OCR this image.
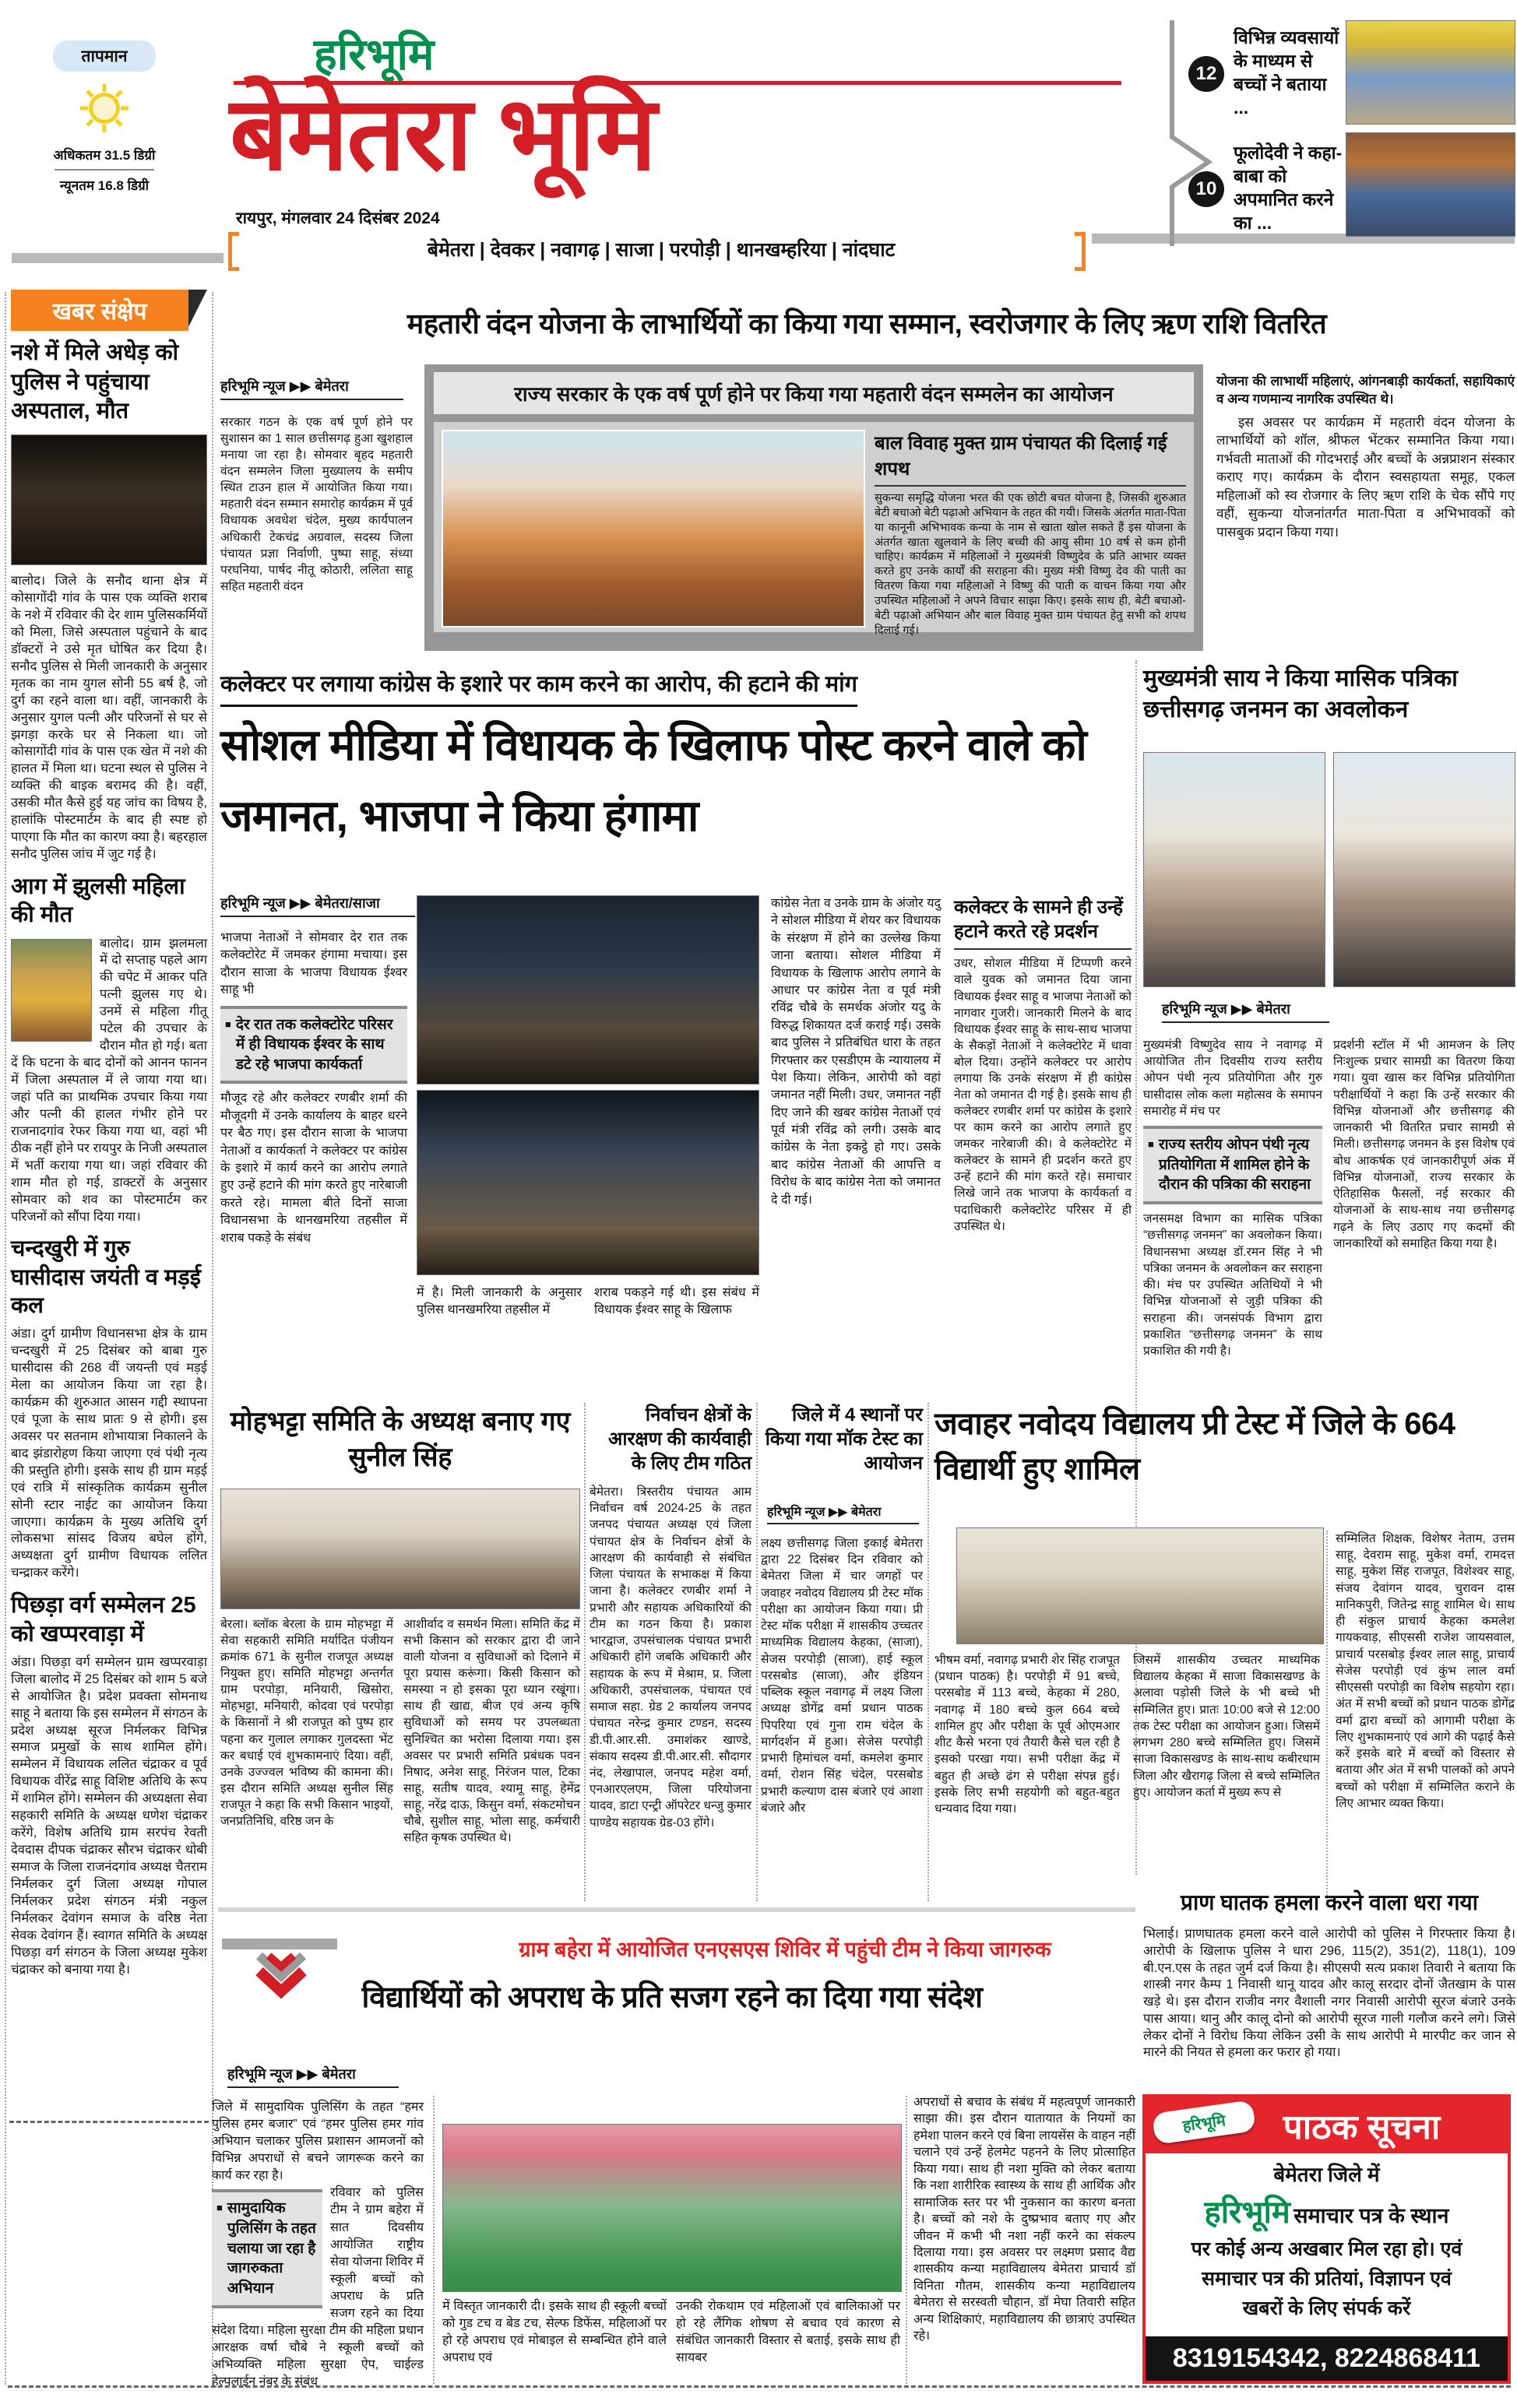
तापमान
अधिकतम 31.5 डिग्री
न्यूनतम 16.8 डिग्री
हरिभूमि
बेमेतरा भूमि
रायपुर, मंगलवार 24 दिसंबर 2024
बेमेतरा | देवकर | नवागढ़ | साजा | परपोड़ी | थानखम्हरिया | नांदघाट
12
विभिन्न व्यवसायों के माध्यम से बच्चों ने बताया ...
10
फूलोदेवी ने कहा- बाबा को अपमानित करने का ...
खबर संक्षेप
नशे में मिले अधेड़ को पुलिस ने पहुंचाया अस्पताल, मौत
बालोद। जिले के सनौद थाना क्षेत्र में कोसागोंदी गांव के पास एक व्यक्ति शराब के नशे में रविवार की देर शाम पुलिसकर्मियों को मिला, जिसे अस्पताल पहुंचाने के बाद डॉक्टरों ने उसे मृत घोषित कर दिया है। सनौद पुलिस से मिली जानकारी के अनुसार मृतक का नाम युगल सोनी 55 बर्ष है, जो दुर्ग का रहने वाला था। वहीं, जानकारी के अनुसार युगल पत्नी और परिजनों से घर से झगड़ा करके घर से निकला था। जो कोसागोंदी गांव के पास एक खेत में नशे की हालत में मिला था। घटना स्थल से पुलिस ने व्यक्ति की बाइक बरामद की है। वहीं, उसकी मौत कैसे हुई यह जांच का विषय है, हालांकि पोस्टमार्टम के बाद ही स्पष्ट हो पाएगा कि मौत का कारण क्या है। बहरहाल सनौद पुलिस जांच में जुट गई है।
आग में झुलसी महिला की मौत
बालोद। ग्राम झलमला में दो सप्ताह पहले आग की चपेट में आकर पति पत्नी झुलस गए थे। उनमें से महिला गीतू पटेल की उपचार के दौरान मौत हो गई। बता दें कि घटना के बाद दोनों को आनन फानन में जिला अस्पताल में ले जाया गया था। जहां पति का प्राथमिक उपचार किया गया और पत्नी की हालत गंभीर होने पर राजनादगांव रेफर किया गया था, वहां भी ठीक नहीं होने पर रायपुर के निजी अस्पताल में भर्ती कराया गया था। जहां रविवार की शाम मौत हो गई, डाक्टरों के अनुसार सोमवार को शव का पोस्टमार्टम कर परिजनों को सौंपा दिया गया।
चन्दखुरी में गुरु घासीदास जयंती व मड़ई कल
अंडा। दुर्ग ग्रामीण विधानसभा क्षेत्र के ग्राम चन्दखुरी में 25 दिसंबर को बाबा गुरु घासीदास की 268 वीं जयन्ती एवं मड़ई मेला का आयोजन किया जा रहा है। कार्यक्रम की शुरुआत आसन गद्दी स्थापना एवं पूजा के साथ प्रातः 9 से होगी। इस अवसर पर सतनाम शोभायात्रा निकालने के बाद झंडारोहण किया जाएगा एवं पंथी नृत्य की प्रस्तुति होगी। इसके साथ ही ग्राम मड़ई एवं रात्रि में सांस्कृतिक कार्यक्रम सुनील सोनी स्टार नाईट का आयोजन किया जाएगा। कार्यक्रम के मुख्य अतिथि दुर्ग लोकसभा सांसद विजय बघेल होंगे, अध्यक्षता दुर्ग ग्रामीण विधायक ललित चन्द्राकर करेंगे।
पिछड़ा वर्ग सम्मेलन 25 को खप्परवाड़ा में
अंडा। पिछड़ा वर्ग सम्मेलन ग्राम खप्परवाड़ा जिला बालोद में 25 दिसंबर को शाम 5 बजे से आयोजित है। प्रदेश प्रवक्ता सोमनाथ साहू ने बताया कि इस सम्मेलन में संगठन के प्रदेश अध्यक्ष सूरज निर्मलकर विभिन्न समाज प्रमुखों के साथ शामिल होंगे। सम्मेलन में विधायक ललित चंद्राकर व पूर्व विधायक वीरेंद्र साहू विशिष्ट अतिथि के रूप में शामिल होंगे। सम्मेलन की अध्यक्षता सेवा सहकारी समिति के अध्यक्ष धणेश चंद्राकर करेंगे, विशेष अतिथि ग्राम सरपंच रेवती देवदास दीपक चंद्राकर सौरभ चंद्राकर धोबी समाज के जिला राजनंदगांव अध्यक्ष चैतराम निर्मलकर दुर्ग जिला अध्यक्ष गोपाल निर्मलकर प्रदेश संगठन मंत्री नकुल निर्मलकर देवांगन समाज के वरिष्ठ नेता सेवक देवांगन हैं। स्वागत समिति के अध्यक्ष पिछड़ा वर्ग संगठन के जिला अध्यक्ष मुकेश चंद्राकर को बनाया गया है।
महतारी वंदन योजना के लाभार्थियों का किया गया सम्मान, स्वरोजगार के लिए ऋण राशि वितरित
हरिभूमि न्यूज ▶▶ बेमेतरा
सरकार गठन के एक वर्ष पूर्ण होने पर सुशासन का 1 साल छत्तीसगढ़ हुआ खुशहाल मनाया जा रहा है। सोमवार बृहद महतारी वंदन सम्मलेन जिला मुख्यालय के समीप स्थित टाउन हाल में आयोजित किया गया। महतारी वंदन सम्मान समारोह कार्यक्रम में पूर्व विधायक अवधेश चंदेल, मुख्य कार्यपालन अधिकारी टेकचंद्र अग्रवाल, सदस्य जिला पंचायत प्रज्ञा निर्वाणी, पुष्पा साहू, संध्या परघनिया, पार्षद नीतू कोठारी, ललिता साहू सहित महतारी वंदन
राज्य सरकार के एक वर्ष पूर्ण होने पर किया गया महतारी वंदन सम्मलेन का आयोजन
बाल विवाह मुक्त ग्राम पंचायत की दिलाई गई शपथ
सुकन्या समृद्धि योजना भरत की एक छोटी बचत योजना है, जिसकी शुरुआत बेटी बचाओ बेटी पढ़ाओ अभियान के तहत की गयी। जिसके अंतर्गत माता-पिता या कानूनी अभिभावक कन्या के नाम से खाता खोल सकते हैं इस योजना के अंतर्गत खाता खुलवाने के लिए बच्ची की आयु सीमा 10 वर्ष से कम होनी चाहिए। कार्यक्रम में महिलाओं ने मुख्यमंत्री विष्णुदेव के प्रति आभार व्यक्त करते हुए उनके कार्यों की सराहना की। मुख्य मंत्री विष्णु देव की पाती का वितरण किया गया महिलाओं ने विष्णु की पाती क वाचन किया गया और उपस्थित महिलाओं ने अपने विचार साझा किए। इसके साथ ही, बेटी बचाओ-बेटी पढ़ाओ अभियान और बाल विवाह मुक्त ग्राम पंचायत हेतु सभी को शपथ दिलाई गई।
योजना की लाभार्थी महिलाएं, आंगनबाड़ी कार्यकर्ता, सहायिकाएं व अन्य गणमान्य नागरिक उपस्थित थे।
इस अवसर पर कार्यक्रम में महतारी वंदन योजना के लाभार्थियों को शॉल, श्रीफल भेंटकर सम्मानित किया गया। गर्भवती माताओं की गोदभराई और बच्चों के अन्नप्राशन संस्कार कराए गए। कार्यक्रम के दौरान स्वसहायता समूह, एकल महिलाओं को स्व रोजगार के लिए ऋण राशि के चेक सौंपे गए वहीं, सुकन्या योजनांतर्गत माता-पिता व अभिभावकों को पासबुक प्रदान किया गया।
कलेक्टर पर लगाया कांग्रेस के इशारे पर काम करने का आरोप, की हटाने की मांग
सोशल मीडिया में विधायक के खिलाफ पोस्ट करने वाले को जमानत, भाजपा ने किया हंगामा
हरिभूमि न्यूज ▶▶ बेमेतरा/साजा
भाजपा नेताओं ने सोमवार देर रात तक कलेक्टोरेट में जमकर हंगामा मचाया। इस दौरान साजा के भाजपा विधायक ईश्वर साहू भी
■ देर रात तक कलेक्टोरेट परिसर में ही विधायक ईश्वर के साथ डटे रहे भाजपा कार्यकर्ता
मौजूद रहे और कलेक्टर रणबीर शर्मा की मौजूदगी में उनके कार्यालय के बाहर धरने पर बैठ गए। इस दौरान साजा के भाजपा नेताओं व कार्यकर्ता ने कलेक्टर पर कांग्रेस के इशारे में कार्य करने का आरोप लगाते हुए उन्हें हटाने की मांग करते हुए नारेबाजी करते रहे। मामला बीते दिनों साजा विधानसभा के थानखमरिया तहसील में शराब पकड़े के संबंध
में है। मिली जानकारी के अनुसार पुलिस थानखमरिया तहसील में
शराब पकड़ने गई थी। इस संबंध में विधायक ईश्वर साहू के खिलाफ
कांग्रेस नेता व उनके ग्राम के अंजोर यदु ने सोशल मीडिया में शेयर कर विधायक के संरक्षण में होने का उल्लेख किया जाना बताया। सोशल मीडिया में विधायक के खिलाफ आरोप लगाने के आधार पर कांग्रेस नेता व पूर्व मंत्री रविंद्र चौबे के समर्थक अंजोर यदु के विरुद्ध शिकायत दर्ज कराई गई। उसके बाद पुलिस ने प्रतिबंधित धारा के तहत गिरफ्तार कर एसडीएम के न्यायालय में पेश किया। लेकिन, आरोपी को वहां जमानत नहीं मिली। उधर, जमानत नहीं दिए जाने की खबर कांग्रेस नेताओं एवं पूर्व मंत्री रविंद्र को लगी। उसके बाद कांग्रेस के नेता इकट्ठे हो गए। उसके बाद कांग्रेस नेताओं की आपत्ति व विरोध के बाद कांग्रेस नेता को जमानत दे दी गई।
कलेक्टर के सामने ही उन्हें हटाने करते रहे प्रदर्शन
उधर, सोशल मीडिया में टिप्पणी करने वाले युवक को जमानत दिया जाना विधायक ईश्वर साहू व भाजपा नेताओं को नागवार गुजरी। जानकारी मिलने के बाद विधायक ईश्वर साहू के साथ-साथ भाजपा के सैकड़ों नेताओं ने कलेक्टोरेट में धावा बोल दिया। उन्होंने कलेक्टर पर आरोप लगाया कि उनके संरक्षण में ही कांग्रेस नेता को जमानत दी गई है। इसके साथ ही कलेक्टर रणबीर शर्मा पर कांग्रेस के इशारे पर काम करने का आरोप लगाते हुए जमकर नारेबाजी की। वे कलेक्टोरेट में कलेक्टर के सामने ही प्रदर्शन करते हुए उन्हें हटाने की मांग करते रहे। समाचार लिखे जाने तक भाजपा के कार्यकर्ता व पदाधिकारी कलेक्टोरेट परिसर में ही उपस्थित थे।
मुख्यमंत्री साय ने किया मासिक पत्रिका छत्तीसगढ़ जनमन का अवलोकन
हरिभूमि न्यूज ▶▶ बेमेतरा
मुख्यमंत्री विष्णुदेव साय ने नवागढ़ में आयोजित तीन दिवसीय राज्य स्तरीय ओपन पंथी नृत्य प्रतियोगिता और गुरु घासीदास लोक कला महोत्सव के समापन समारोह में मंच पर
■ राज्य स्तरीय ओपन पंथी नृत्य प्रतियोगिता में शामिल होने के दौरान की पत्रिका की सराहना
जनसमक्ष विभाग का मासिक पत्रिका “छत्तीसगढ़ जनमन” का अवलोकन किया। विधानसभा अध्यक्ष डॉ.रमन सिंह ने भी पत्रिका जनमन के अवलोकन कर सराहना की। मंच पर उपस्थित अतिथियों ने भी विभिन्न योजनाओं से जुड़ी पत्रिका की सराहना की। जनसंपर्क विभाग द्वारा प्रकाशित “छत्तीसगढ़ जनमन” के साथ प्रकाशित की गयी है।
प्रदर्शनी स्टॉल में भी आमजन के लिए निःशुल्क प्रचार सामग्री का वितरण किया गया। युवा खास कर विभिन्न प्रतियोगिता परीक्षार्थियों ने कहा कि उन्हें सरकार की विभिन्न योजनाओं और छत्तीसगढ़ की जानकारी भी वितरित प्रचार सामग्री से मिली। छत्तीसगढ़ जनमन के इस विशेष एवं बोध आकर्षक एवं जानकारीपूर्ण अंक में विभिन्न योजनाओं, राज्य सरकार के ऐतिहासिक फैसलों, नई सरकार की योजनाओं के साथ-साथ नया छत्तीसगढ़ गढ़ने के लिए उठाए गए कदमों की जानकारियों को समाहित किया गया है।
मोहभट्टा समिति के अध्यक्ष बनाए गए सुनील सिंह
बेरला। ब्लॉक बेरला के ग्राम मोहभट्टा में सेवा सहकारी समिति मर्यादित पंजीयन क्रमांक 671 के सुनील राजपूत अध्यक्ष नियुक्त हुए। समिति मोहभट्टा अन्तर्गत ग्राम परपोड़ा, मनियारी, खिसोरा, मोहभट्टा, मनियारी, कोदवा एवं परपोड़ा के किसानों ने श्री राजपूत को पुष्प हार पहना कर गुलाल लगाकर गुलदस्ता भेंट कर बधाई एवं शुभकामनाएं दिया। वहीं, उनके उज्ज्वल भविष्य की कामना की। इस दौरान समिति अध्यक्ष सुनील सिंह राजपूत ने कहा कि सभी किसान भाइयों, जनप्रतिनिधि, वरिष्ठ जन के
आशीर्वाद व समर्थन मिला। समिति केंद्र में सभी किसान को सरकार द्वारा दी जाने वाली योजना व सुविधाओं को दिलाने में पूरा प्रयास करूंगा। किसी किसान को समस्या न हो इसका पूरा ध्यान रखूंगा। साथ ही खाद्य, बीज एवं अन्य कृषि सुविधाओं को समय पर उपलब्धता सुनिश्चित का भरोसा दिलाया गया। इस अवसर पर प्रभारी समिति प्रबंधक पवन निषाद, अनेश साहू, निरंजन पाल, टिका साहू, सतीष यादव, श्यामू साहू, हेमेंद्र साहू, नरेंद्र दाऊ, किसुन वर्मा, संकटमोचन चौबे, सुशील साहू, भोला साहू, कर्मचारी सहित कृषक उपस्थित थे।
निर्वाचन क्षेत्रों के आरक्षण की कार्यवाही के लिए टीम गठित
बेमेतरा। त्रिस्तरीय पंचायत आम निर्वाचन वर्ष 2024-25 के तहत जनपद पंचायत अध्यक्ष एवं जिला पंचायत क्षेत्र के निर्वाचन क्षेत्रों के आरक्षण की कार्यवाही से संबंधित जिला पंचायत के सभाकक्ष में किया जाना है। कलेक्टर रणबीर शर्मा ने प्रभारी और सहायक अधिकारियों की टीम का गठन किया है। प्रकाश भारद्वाज, उपसंचालक पंचायत प्रभारी अधिकारी होंगे जबकि अधिकारी और सहायक के रूप में मेश्राम, प्र. जिला अधिकारी, उपसंचालक, पंचायत एवं समाज सहा. ग्रेड 2 कार्यालय जनपद पंचायत नरेन्द्र कुमार टण्डन, सदस्य डी.पी.आर.सी. उमाशंकर खाण्डे, संकाय सदस्य डी.पी.आर.सी. सौदागर नंद, लेखापाल, जनपद महेश वर्मा, एनआरएलएम, जिला परियोजना यादव, डाटा एन्ट्री ऑपरेटर धन्जु कुमार पाण्डेय सहायक ग्रेड-03 होंगे।
जिले में 4 स्थानों पर किया गया मॉक टेस्ट का आयोजन
हरिभूमि न्यूज ▶▶ बेमेतरा
लक्ष्य छत्तीसगढ़ जिला इकाई बेमेतरा द्वारा 22 दिसंबर दिन रविवार को बेमेतरा जिला में चार जगहों पर जवाहर नवोदय विद्यालय प्री टेस्ट मॉक परीक्षा का आयोजन किया गया। प्री टेस्ट मॉक परीक्षा में शासकीय उच्चतर माध्यमिक विद्यालय केहका, (साजा), सेजस परपोड़ी (साजा), हाई स्कूल परसबोड (साजा), और इंडियन पब्लिक स्कूल नवागढ़ में लक्ष्य जिला अध्यक्ष डोगेंद्र वर्मा प्रधान पाठक पिपरिया एवं गुना राम चंदेल के मार्गदर्शन में हुआ। सेजेस परपोड़ी प्रभारी हिमांचल वर्मा, कमलेश कुमार वर्मा, रोशन सिंह चंदेल, परसबोड प्रभारी कल्याण दास बंजारे एवं आशा बंजारे और
जवाहर नवोदय विद्यालय प्री टेस्ट में जिले के 664 विद्यार्थी हुए शामिल
सम्मिलित शिक्षक, विशेषर नेताम, उत्तम साहू, देवराम साहू, मुकेश वर्मा, रामदत्त साहू, मुकेश सिंह राजपूत, विशेश्वर साहू, संजय देवांगन यादव, चुरावन दास मानिकपुरी, जितेन्द्र साहू शामिल थे। साथ ही संकुल प्राचार्य केहका कमलेश गायकवाड़, सीएससी राजेश जायसवाल, प्राचार्य परसबोड़ ईश्वर लाल साहू, प्राचार्य सेजेस परपोड़ी एवं कुंभ लाल वर्मा सीएससी परपोड़ी का विशेष सहयोग रहा। अंत में सभी बच्चों को प्रधान पाठक डोगेंद्र वर्मा द्वारा बच्चों को आगामी परीक्षा के लिए शुभकामनाएं एवं आगे की पढ़ाई कैसे करें इसके बारे में बच्चों को विस्तार से बताया और अंत में सभी पालकों को अपने बच्चों को परीक्षा में सम्मिलित कराने के लिए आभार व्यक्त किया।
भीषम वर्मा, नवागढ़ प्रभारी शेर सिंह राजपूत (प्रधान पाठक) है। परपोड़ी में 91 बच्चे, परसबोड में 113 बच्चे, केहका में 280, नवागढ़ में 180 बच्चे कुल 664 बच्चे शामिल हुए और परीक्षा के पूर्व ओएमआर शीट कैसे भरना एवं तैयारी कैसे चल रही है इसको परखा गया। सभी परीक्षा केंद्र में बहुत ही अच्छे ढंग से परीक्षा संपन्न हुई। इसके लिए सभी सहयोगी को बहुत-बहुत धन्यवाद दिया गया।
जिसमें शासकीय उच्चतर माध्यमिक विद्यालय केहका में साजा विकासखण्ड के अलावा पड़ोसी जिले के भी बच्चे भी सम्मिलित हुए। प्रातः 10:00 बजे से 12:00 तक टेस्ट परीक्षा का आयोजन हुआ। जिसमें लगभग 280 बच्चे सम्मिलित हुए। जिसमें साजा विकासखण्ड के साथ-साथ कबीरधाम जिला और खैरागढ़ जिला से बच्चे सम्मिलित हुए। आयोजन कर्ता में मुख्य रूप से
ग्राम बहेरा में आयोजित एनएसएस शिविर में पहुंची टीम ने किया जागरुक
विद्यार्थियों को अपराध के प्रति सजग रहने का दिया गया संदेश
हरिभूमि न्यूज ▶▶ बेमेतरा
जिले में सामुदायिक पुलिसिंग के तहत “हमर पुलिस हमर बजार” एवं “हमर पुलिस हमर गांव अभियान चलाकर पुलिस प्रशासन आमजनों को विभिन्न अपराधों से बचने जागरूक करने का कार्य कर रहा है।
■ सामुदायिक पुलिसिंग के तहत चलाया जा रहा है जागरुकता अभियान
रविवार को पुलिस टीम ने ग्राम बहेरा में सात दिवसीय आयोजित राष्ट्रीय सेवा योजना शिविर में स्कूली बच्चों को अपराध के प्रति सजग रहने का दिया संदेश दिया। महिला सुरक्षा टीम की महिला प्रधान आरक्षक वर्षा चौबे ने स्कूली बच्चों को अभिव्यक्ति महिला सुरक्षा ऐप, चाईल्ड हेल्पलाईन नंबर के संबंध
में विस्तृत जानकारी दी। इसके साथ ही स्कूली बच्चों को गुड टच व बेड टच, सेल्फ डिफेंस, महिलाओं पर हो रहे अपराध एवं मोबाइल से सम्बन्धित होने वाले अपराध एवं
उनकी रोकथाम एवं महिलाओं एवं बालिकाओं पर हो रहे लैंगिक शोषण से बचाव एवं कारण से संबंधित जानकारी विस्तार से बताई, इसके साथ ही सायबर
अपराधों से बचाव के संबंध में महत्वपूर्ण जानकारी साझा की। इस दौरान यातायात के नियमों का हमेशा पालन करने एवं बिना लायसेंस के वाहन नहीं चलाने एवं उन्हें हेलमेट पहनने के लिए प्रोत्साहित किया गया। साथ ही नशा मुक्ति को लेकर बताया कि नशा शारीरिक स्वास्थ्य के साथ ही आर्थिक और सामाजिक स्तर पर भी नुकसान का कारण बनता है। बच्चों को नशे के दुष्प्रभाव बताए गए और जीवन में कभी भी नशा नहीं करने का संकल्प दिलाया गया। इस अवसर पर लक्ष्मण प्रसाद वैद्य शासकीय कन्या महाविद्यालय बेमेतरा प्राचार्य डॉ विनिता गौतम, शासकीय कन्या महाविद्यालय बेमेतरा से सरस्वती चौहान, डॉ मेघा तिवारी सहित अन्य शिक्षिकाएं, महाविद्यालय की छात्राएं उपस्थित रहे।
प्राण घातक हमला करने वाला धरा गया
भिलाई। प्राणघातक हमला करने वाले आरोपी को पुलिस ने गिरफ्तार किया है। आरोपी के खिलाफ पुलिस ने धारा 296, 115(2), 351(2), 118(1), 109 बी.एन.एस के तहत जुर्म दर्ज किया है। सीएसपी सत्य प्रकाश तिवारी ने बताया कि शास्त्री नगर कैम्प 1 निवासी थानू यादव और कालू सरदार दोनों जैतखाम के पास खड़े थे। इस दौरान राजीव नगर वैशाली नगर निवासी आरोपी सूरज बंजारे उनके पास आया। थानु और कालू दोनो को आरोपी सूरज गाली गलौज करने लगे। जिसे लेकर दोनों ने विरोध किया लेकिन उसी के साथ आरोपी मे मारपीट कर जान से मारने की नियत से हमला कर फरार हो गया।
हरिभूमि	पाठक सूचना
बेमेतरा जिले में
हरिभूमि समाचार पत्र के स्थान
पर कोई अन्य अखबार मिल रहा हो। एवं
समाचार पत्र की प्रतियां, विज्ञापन एवं
खबरों के लिए संपर्क करें
8319154342, 8224868411
